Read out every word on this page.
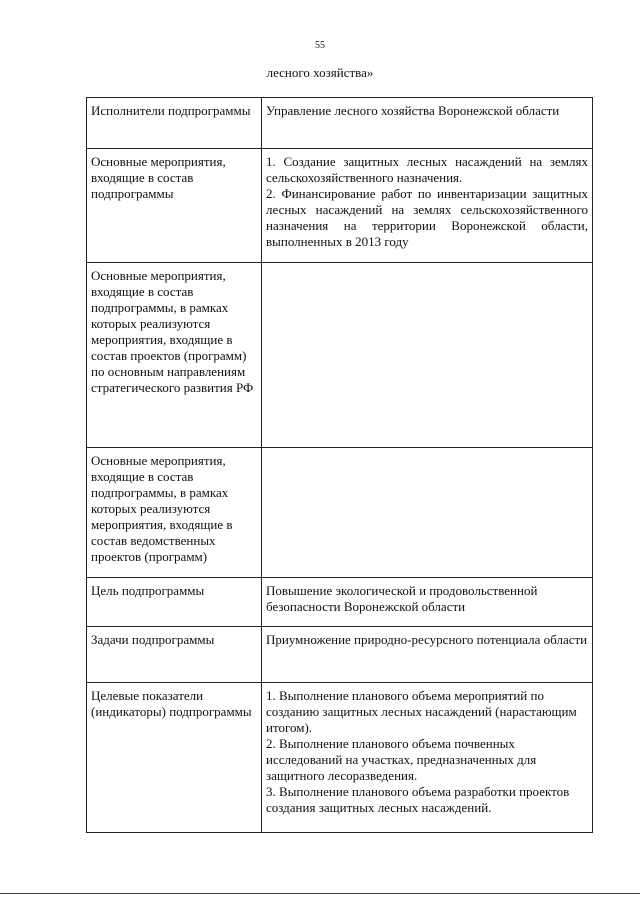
55
лесного хозяйства»
Исполнители подпрограммы	Управление лесного хозяйства Воронежской области

Основные мероприятия, входящие в состав подпрограммы	1. Создание защитных лесных насаждений на землях сельскохозяйственного назначения.

2. Финансирование работ по инвентаризации защитных лесных насаждений на землях сельскохозяйственного назначения на территории Воронежской области, выполненных в 2013 году

Основные мероприятия, входящие в состав подпрограммы, в рамках которых реализуются мероприятия, входящие в состав проектов (программ) по основным направлениям стратегического развития РФ	
Основные мероприятия, входящие в состав подпрограммы, в рамках которых реализуются мероприятия, входящие в состав ведомственных проектов (программ)	
Цель подпрограммы	Повышение экологической и продовольственной безопасности Воронежской области

Задачи подпрограммы	Приумножение природно-ресурсного потенциала области

Целевые показатели (индикаторы) подпрограммы	1. Выполнение планового объема мероприятий по созданию защитных лесных насаждений (нарастающим итогом).

2. Выполнение планового объема почвенных исследований на участках, предназначенных для защитного лесоразведения.

3. Выполнение планового объема разработки проектов создания защитных лесных насаждений.
